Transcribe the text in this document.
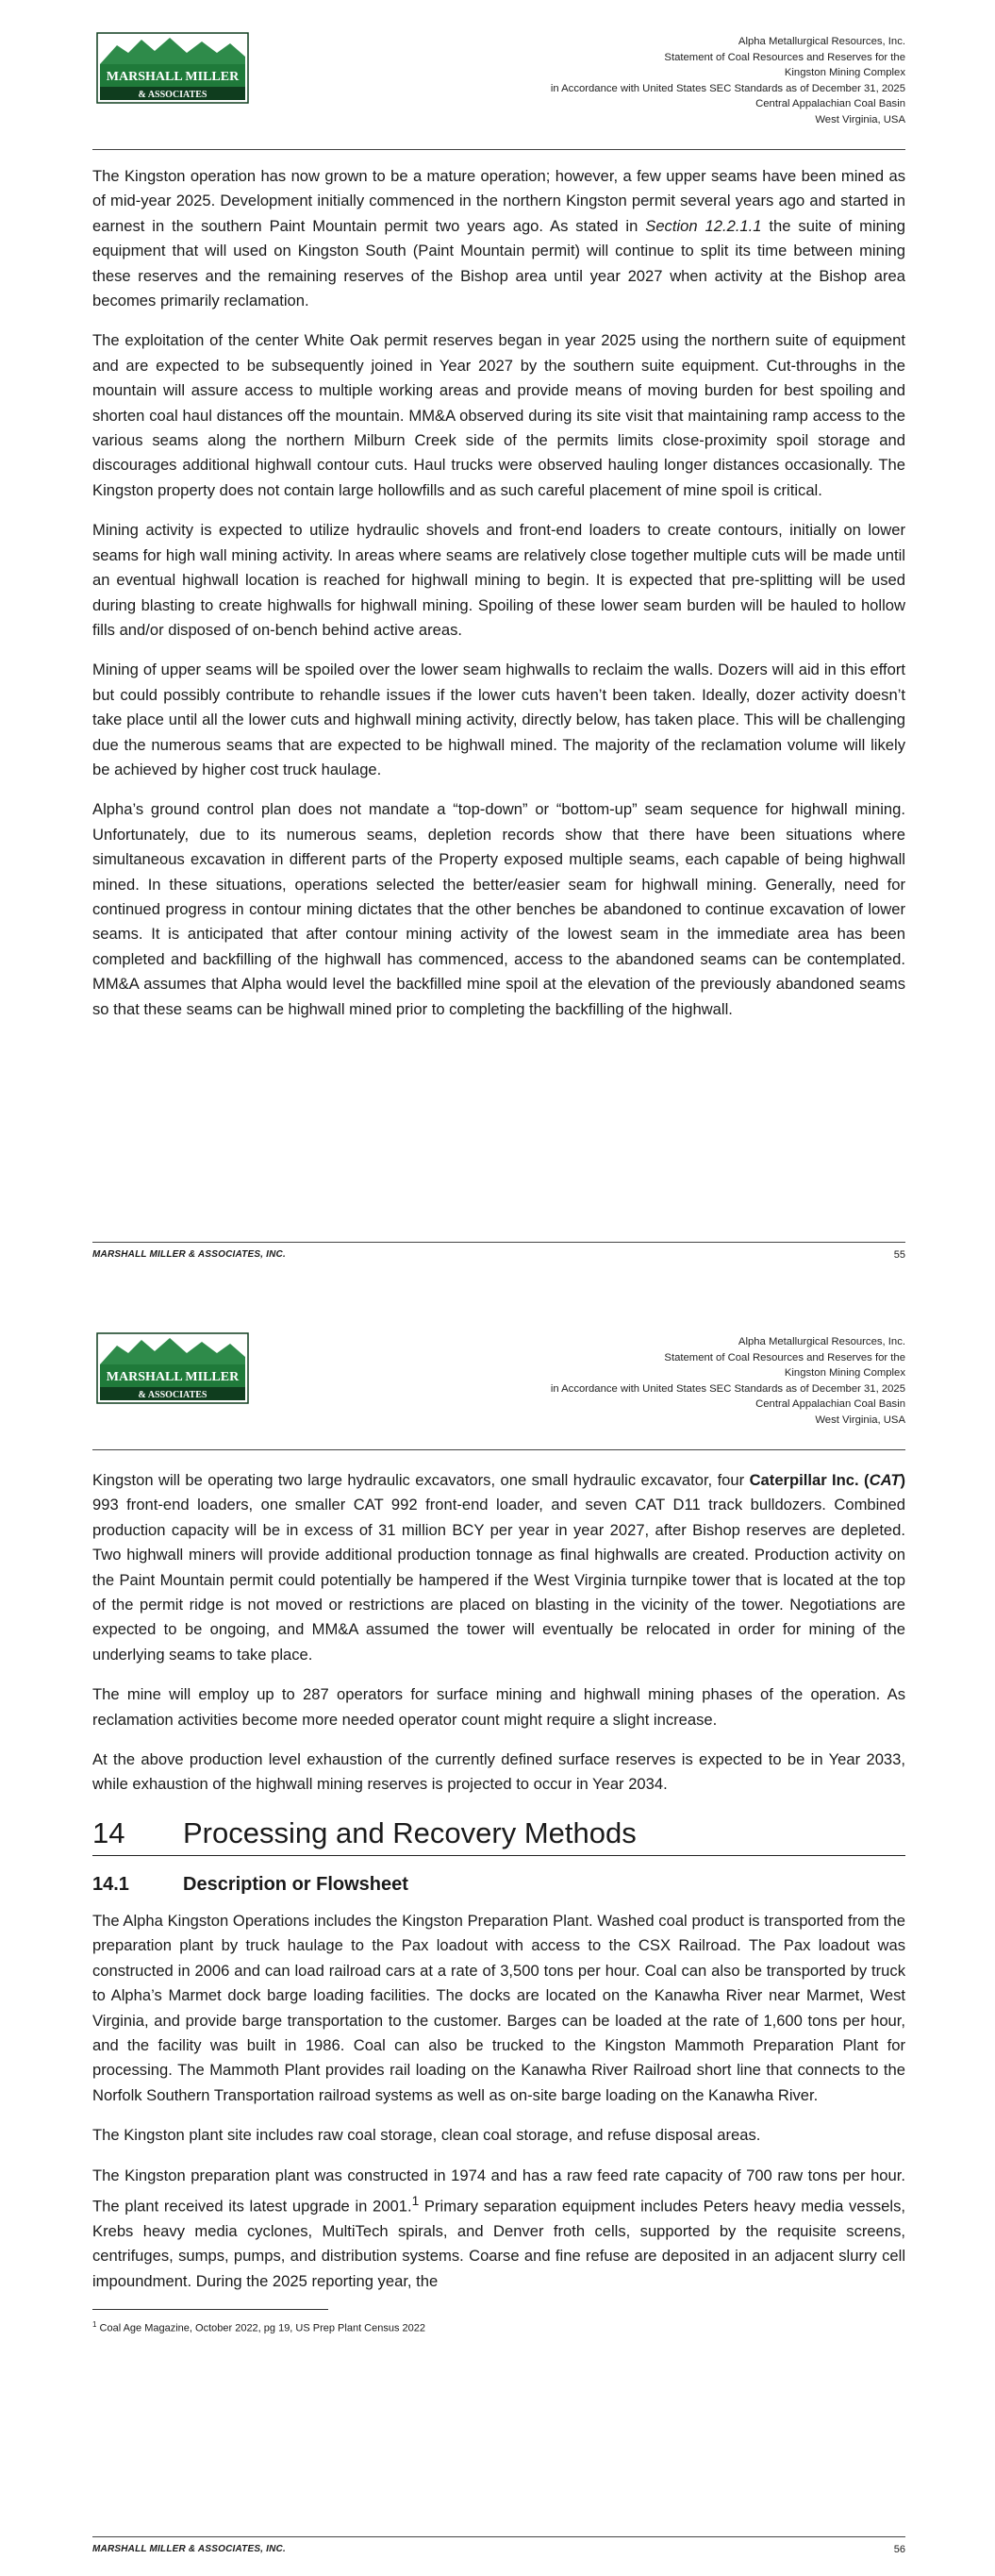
MARSHALL MILLER
& ASSOCIATES
Alpha Metallurgical Resources, Inc.
Statement of Coal Resources and Reserves for the
Kingston Mining Complex
in Accordance with United States SEC Standards as of December 31, 2025
Central Appalachian Coal Basin
West Virginia, USA

The Kingston operation has now grown to be a mature operation; however, a few upper seams have been mined as of mid-year 2025. Development initially commenced in the northern Kingston permit several years ago and started in earnest in the southern Paint Mountain permit two years ago. As stated in Section 12.2.1.1 the suite of mining equipment that will used on Kingston South (Paint Mountain permit) will continue to split its time between mining these reserves and the remaining reserves of the Bishop area until year 2027 when activity at the Bishop area becomes primarily reclamation.

The exploitation of the center White Oak permit reserves began in year 2025 using the northern suite of equipment and are expected to be subsequently joined in Year 2027 by the southern suite equipment. Cut-throughs in the mountain will assure access to multiple working areas and provide means of moving burden for best spoiling and shorten coal haul distances off the mountain. MM&A observed during its site visit that maintaining ramp access to the various seams along the northern Milburn Creek side of the permits limits close-proximity spoil storage and discourages additional highwall contour cuts. Haul trucks were observed hauling longer distances occasionally. The Kingston property does not contain large hollowfills and as such careful placement of mine spoil is critical.

Mining activity is expected to utilize hydraulic shovels and front-end loaders to create contours, initially on lower seams for high wall mining activity. In areas where seams are relatively close together multiple cuts will be made until an eventual highwall location is reached for highwall mining to begin. It is expected that pre-splitting will be used during blasting to create highwalls for highwall mining. Spoiling of these lower seam burden will be hauled to hollow fills and/or disposed of on-bench behind active areas.

Mining of upper seams will be spoiled over the lower seam highwalls to reclaim the walls. Dozers will aid in this effort but could possibly contribute to rehandle issues if the lower cuts haven’t been taken. Ideally, dozer activity doesn’t take place until all the lower cuts and highwall mining activity, directly below, has taken place. This will be challenging due the numerous seams that are expected to be highwall mined. The majority of the reclamation volume will likely be achieved by higher cost truck haulage.

Alpha’s ground control plan does not mandate a “top-down” or “bottom-up” seam sequence for highwall mining. Unfortunately, due to its numerous seams, depletion records show that there have been situations where simultaneous excavation in different parts of the Property exposed multiple seams, each capable of being highwall mined. In these situations, operations selected the better/easier seam for highwall mining. Generally, need for continued progress in contour mining dictates that the other benches be abandoned to continue excavation of lower seams. It is anticipated that after contour mining activity of the lowest seam in the immediate area has been completed and backfilling of the highwall has commenced, access to the abandoned seams can be contemplated. MM&A assumes that Alpha would level the backfilled mine spoil at the elevation of the previously abandoned seams so that these seams can be highwall mined prior to completing the backfilling of the highwall.

MARSHALL MILLER & ASSOCIATES, INC.	55
MARSHALL MILLER
& ASSOCIATES
Alpha Metallurgical Resources, Inc.
Statement of Coal Resources and Reserves for the
Kingston Mining Complex
in Accordance with United States SEC Standards as of December 31, 2025
Central Appalachian Coal Basin
West Virginia, USA

Kingston will be operating two large hydraulic excavators, one small hydraulic excavator, four Caterpillar Inc. (CAT) 993 front-end loaders, one smaller CAT 992 front-end loader, and seven CAT D11 track bulldozers. Combined production capacity will be in excess of 31 million BCY per year in year 2027, after Bishop reserves are depleted. Two highwall miners will provide additional production tonnage as final highwalls are created. Production activity on the Paint Mountain permit could potentially be hampered if the West Virginia turnpike tower that is located at the top of the permit ridge is not moved or restrictions are placed on blasting in the vicinity of the tower. Negotiations are expected to be ongoing, and MM&A assumed the tower will eventually be relocated in order for mining of the underlying seams to take place.

The mine will employ up to 287 operators for surface mining and highwall mining phases of the operation. As reclamation activities become more needed operator count might require a slight increase.

At the above production level exhaustion of the currently defined surface reserves is expected to be in Year 2033, while exhaustion of the highwall mining reserves is projected to occur in Year 2034.

14	Processing and Recovery Methods
14.1	Description or Flowsheet

The Alpha Kingston Operations includes the Kingston Preparation Plant. Washed coal product is transported from the preparation plant by truck haulage to the Pax loadout with access to the CSX Railroad. The Pax loadout was constructed in 2006 and can load railroad cars at a rate of 3,500 tons per hour. Coal can also be transported by truck to Alpha’s Marmet dock barge loading facilities. The docks are located on the Kanawha River near Marmet, West Virginia, and provide barge transportation to the customer. Barges can be loaded at the rate of 1,600 tons per hour, and the facility was built in 1986. Coal can also be trucked to the Kingston Mammoth Preparation Plant for processing. The Mammoth Plant provides rail loading on the Kanawha River Railroad short line that connects to the Norfolk Southern Transportation railroad systems as well as on-site barge loading on the Kanawha River.

The Kingston plant site includes raw coal storage, clean coal storage, and refuse disposal areas.

The Kingston preparation plant was constructed in 1974 and has a raw feed rate capacity of 700 raw tons per hour. The plant received its latest upgrade in 2001.$^1$ Primary separation equipment includes Peters heavy media vessels, Krebs heavy media cyclones, MultiTech spirals, and Denver froth cells, supported by the requisite screens, centrifuges, sumps, pumps, and distribution systems. Coarse and fine refuse are deposited in an adjacent slurry cell impoundment. During the 2025 reporting year, the

$^1$ Coal Age Magazine, October 2022, pg 19, US Prep Plant Census 2022
MARSHALL MILLER & ASSOCIATES, INC.	56
